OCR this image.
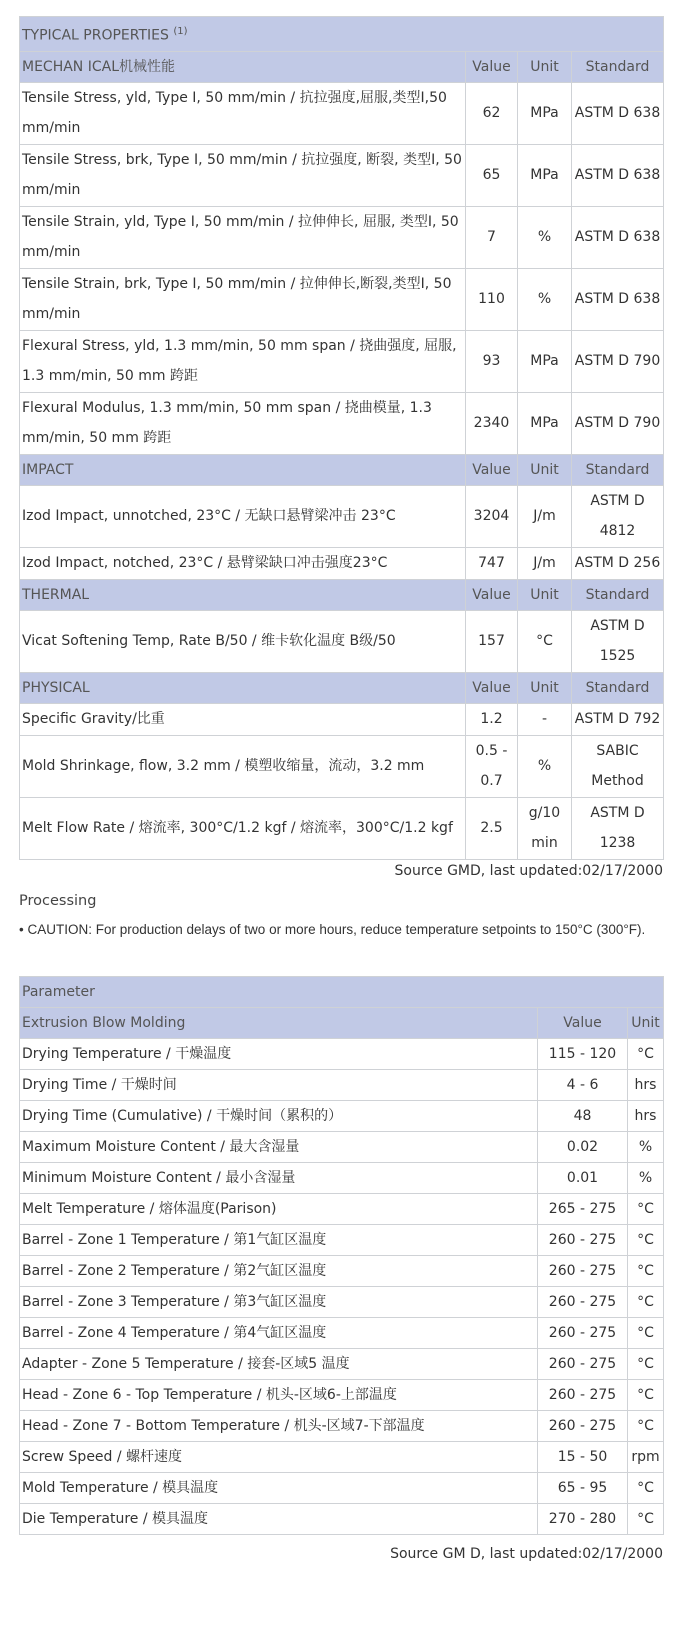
TYPICAL PROPERTIES $^{(1)}$
MECHAN ICAL机械性能	Value	Unit	Standard
Tensile Stress, yld, Type I, 50 mm/min / 抗拉强度,屈服,类型I,50 mm/min	62	MPa	ASTM D 638
Tensile Stress, brk, Type I, 50 mm/min / 抗拉强度, 断裂, 类型I, 50 mm/min	65	MPa	ASTM D 638
Tensile Strain, yld, Type I, 50 mm/min / 拉伸伸长, 屈服, 类型I, 50 mm/min	7	%	ASTM D 638
Tensile Strain, brk, Type I, 50 mm/min / 拉伸伸长,断裂,类型I, 50 mm/min	110	%	ASTM D 638
Flexural Stress, yld, 1.3 mm/min, 50 mm span / 挠曲强度, 屈服, 1.3 mm/min, 50 mm 跨距	93	MPa	ASTM D 790
Flexural Modulus, 1.3 mm/min, 50 mm span / 挠曲模量, 1.3 mm/min, 50 mm 跨距	2340	MPa	ASTM D 790
IMPACT	Value	Unit	Standard
Izod Impact, unnotched, 23°C / 无缺口悬臂梁冲击 23°C	3204	J/m	ASTM D 4812
Izod Impact, notched, 23°C / 悬臂梁缺口冲击强度23°C	747	J/m	ASTM D 256
THERMAL	Value	Unit	Standard
Vicat Softening Temp, Rate B/50 / 维卡软化温度 B级/50	157	°C	ASTM D 1525
PHYSICAL	Value	Unit	Standard
Specific Gravity/比重	1.2	-	ASTM D 792
Mold Shrinkage, flow, 3.2 mm / 模塑收缩量，流动，3.2 mm	0.5 - 0.7	%	SABIC Method
Melt Flow Rate / 熔流率, 300°C/1.2 kgf / 熔流率，300°C/1.2 kgf	2.5	g/10 min	ASTM D 1238
Source GMD, last updated:02/17/2000
Processing
• CAUTION: For production delays of two or more hours, reduce temperature setpoints to 150°C (300°F).
Parameter		
Extrusion Blow Molding	Value	Unit
Drying Temperature / 干燥温度	115 - 120	°C
Drying Time / 干燥时间	4 - 6	hrs
Drying Time (Cumulative) / 干燥时间（累积的）	48	hrs
Maximum Moisture Content / 最大含湿量	0.02	%
Minimum Moisture Content / 最小含湿量	0.01	%
Melt Temperature / 熔体温度(Parison)	265 - 275	°C
Barrel - Zone 1 Temperature / 第1气缸区温度	260 - 275	°C
Barrel - Zone 2 Temperature / 第2气缸区温度	260 - 275	°C
Barrel - Zone 3 Temperature / 第3气缸区温度	260 - 275	°C
Barrel - Zone 4 Temperature / 第4气缸区温度	260 - 275	°C
Adapter - Zone 5 Temperature / 接套-区域5 温度	260 - 275	°C
Head - Zone 6 - Top Temperature / 机头-区域6-上部温度	260 - 275	°C
Head - Zone 7 - Bottom Temperature / 机头-区域7-下部温度	260 - 275	°C
Screw Speed / 螺杆速度	15 - 50	rpm
Mold Temperature / 模具温度	65 - 95	°C
Die Temperature / 模具温度	270 - 280	°C
Source GM D, last updated:02/17/2000
